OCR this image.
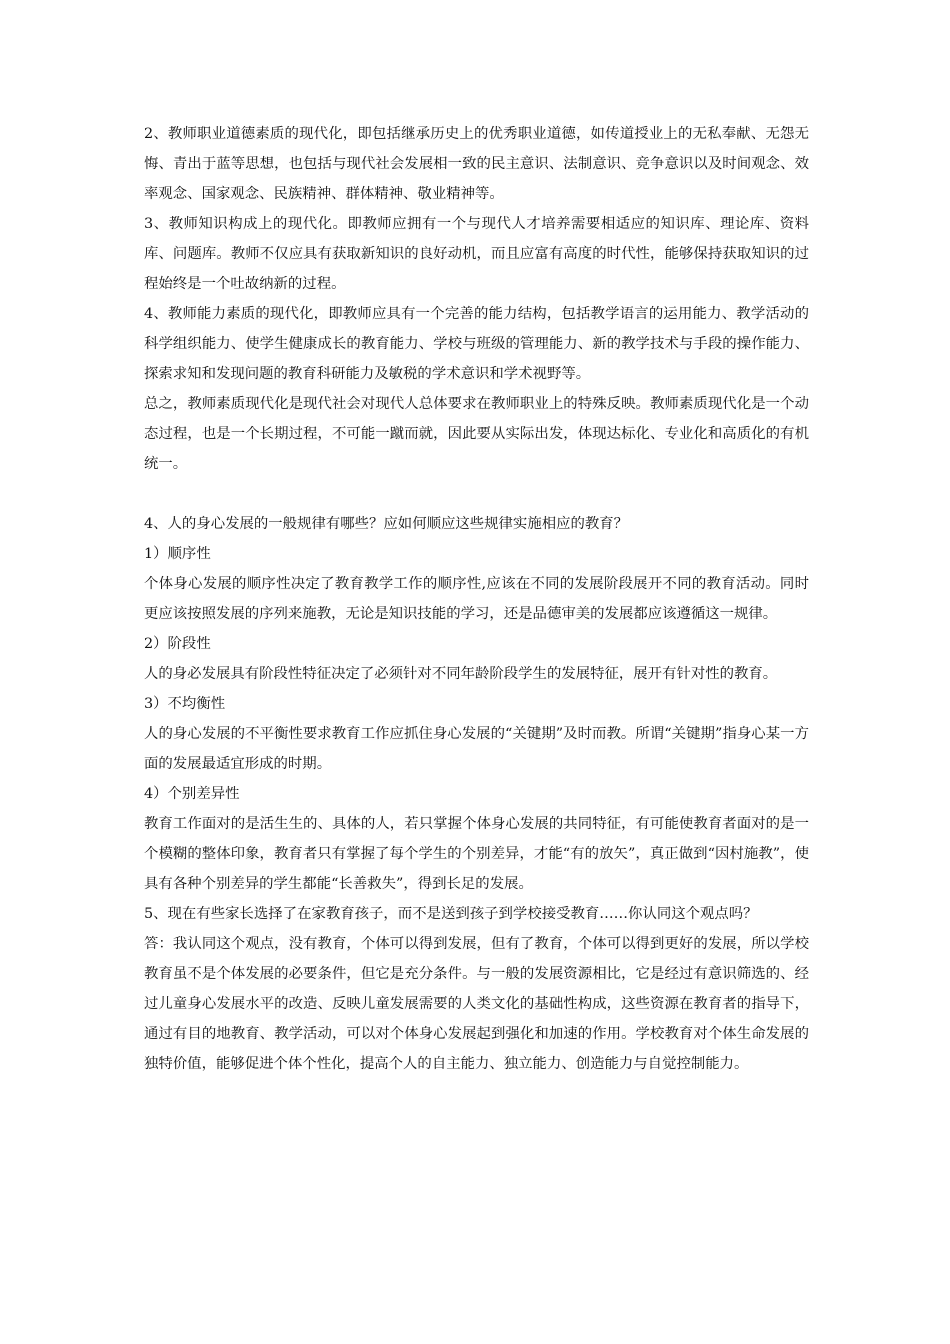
2、教师职业道德素质的现代化，即包括继承历史上的优秀职业道德，如传道授业上的无私奉献、无怨无悔、青出于蓝等思想，也包括与现代社会发展相一致的民主意识、法制意识、竞争意识以及时间观念、效率观念、国家观念、民族精神、群体精神、敬业精神等。

3、教师知识构成上的现代化。即教师应拥有一个与现代人才培养需要相适应的知识库、理论库、资料库、问题库。教师不仅应具有获取新知识的良好动机，而且应富有高度的时代性，能够保持获取知识的过程始终是一个吐故纳新的过程。

4、教师能力素质的现代化，即教师应具有一个完善的能力结构，包括教学语言的运用能力、教学活动的科学组织能力、使学生健康成长的教育能力、学校与班级的管理能力、新的教学技术与手段的操作能力、探索求知和发现问题的教育科研能力及敏税的学术意识和学术视野等。

总之，教师素质现代化是现代社会对现代人总体要求在教师职业上的特殊反映。教师素质现代化是一个动态过程，也是一个长期过程，不可能一蹴而就，因此要从实际出发，体现达标化、专业化和高质化的有机统一。

4、人的身心发展的一般规律有哪些？应如何顺应这些规律实施相应的教育？

1）顺序性

个体身心发展的顺序性决定了教育教学工作的顺序性,应该在不同的发展阶段展开不同的教育活动。同时更应该按照发展的序列来施教，无论是知识技能的学习，还是品德审美的发展都应该遵循这一规律。

2）阶段性

人的身必发展具有阶段性特征决定了必须针对不同年龄阶段学生的发展特征，展开有针对性的教育。

3）不均衡性

人的身心发展的不平衡性要求教育工作应抓住身心发展的“关键期”及时而教。所谓“关键期”指身心某一方面的发展最适宜形成的时期。

4）个别差异性

教育工作面对的是活生生的、具体的人，若只掌握个体身心发展的共同特征，有可能使教育者面对的是一个模糊的整体印象，教育者只有掌握了每个学生的个别差异，才能“有的放矢”，真正做到“因村施教”，使具有各种个别差异的学生都能“长善救失”，得到长足的发展。

5、现在有些家长选择了在家教育孩子，而不是送到孩子到学校接受教育……你认同这个观点吗？

答：我认同这个观点，没有教育，个体可以得到发展，但有了教育，个体可以得到更好的发展，所以学校教育虽不是个体发展的必要条件，但它是充分条件。与一般的发展资源相比，它是经过有意识筛选的、经过儿童身心发展水平的改造、反映儿童发展需要的人类文化的基础性构成，这些资源在教育者的指导下，通过有目的地教育、教学活动，可以对个体身心发展起到强化和加速的作用。学校教育对个体生命发展的独特价值，能够促进个体个性化，提高个人的自主能力、独立能力、创造能力与自觉控制能力。
